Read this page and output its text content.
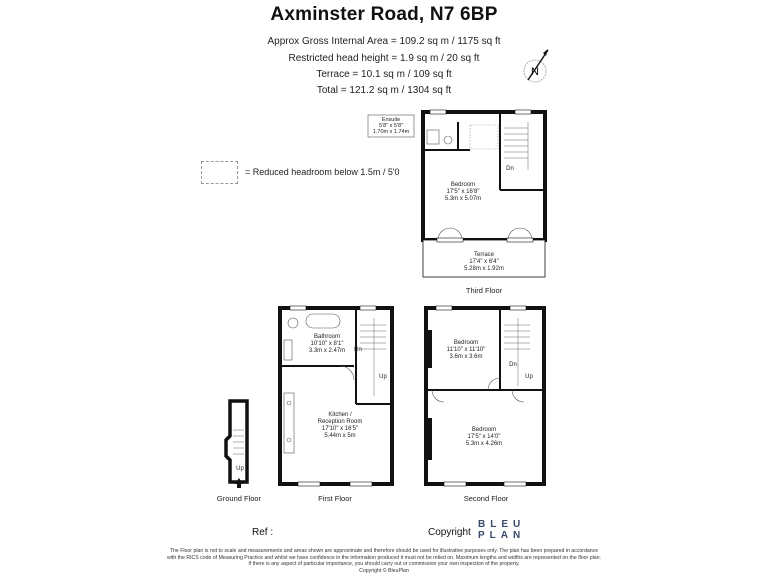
Axminster Road, N7 6BP
Approx Gross Internal Area = 109.2 sq m / 1175 sq ft
Restricted head height = 1.9 sq m / 20 sq ft
Terrace = 10.1 sq m / 109 sq ft
Total = 121.2 sq m / 1304 sq ft
= Reduced headroom below 1.5m / 5'0
N
Ensuite
5'8" x 5'8"
1.70m x 1.74m
Dn
Bedroom
17'5" x 16'8"
5.3m x 5.07m
Terrace
17'4" x 6'4"
5.28m x 1.92m
Third Floor
Up
Ground Floor
Dn
Up
Bathroom
10'10" x 8'1"
3.3m x 2.47m
Kitchen /
Reception Room
17'10" x 16'5"
5.44m x 5m
First Floor
Dn
Up
Bedroom
11'10" x 11'10"
3.6m x 3.6m
Bedroom
17'5" x 14'0"
5.3m x 4.26m
Second Floor
Ref :	Copyright
BLEU
PLAN
The Floor plan is not to scale and measurements and areas shown are approximate and therefore should be used for illustrative purposes only. The plan has been prepared in accordance
with the RICS code of Measuring Practice and whilst we have confidence in the information produced it must not be relied on. Maximum lengths and widths are represented on the floor plan.
If there is any aspect of particular importance, you should carry out or commission your own inspection of the property.
Copyright © BleuPlan
